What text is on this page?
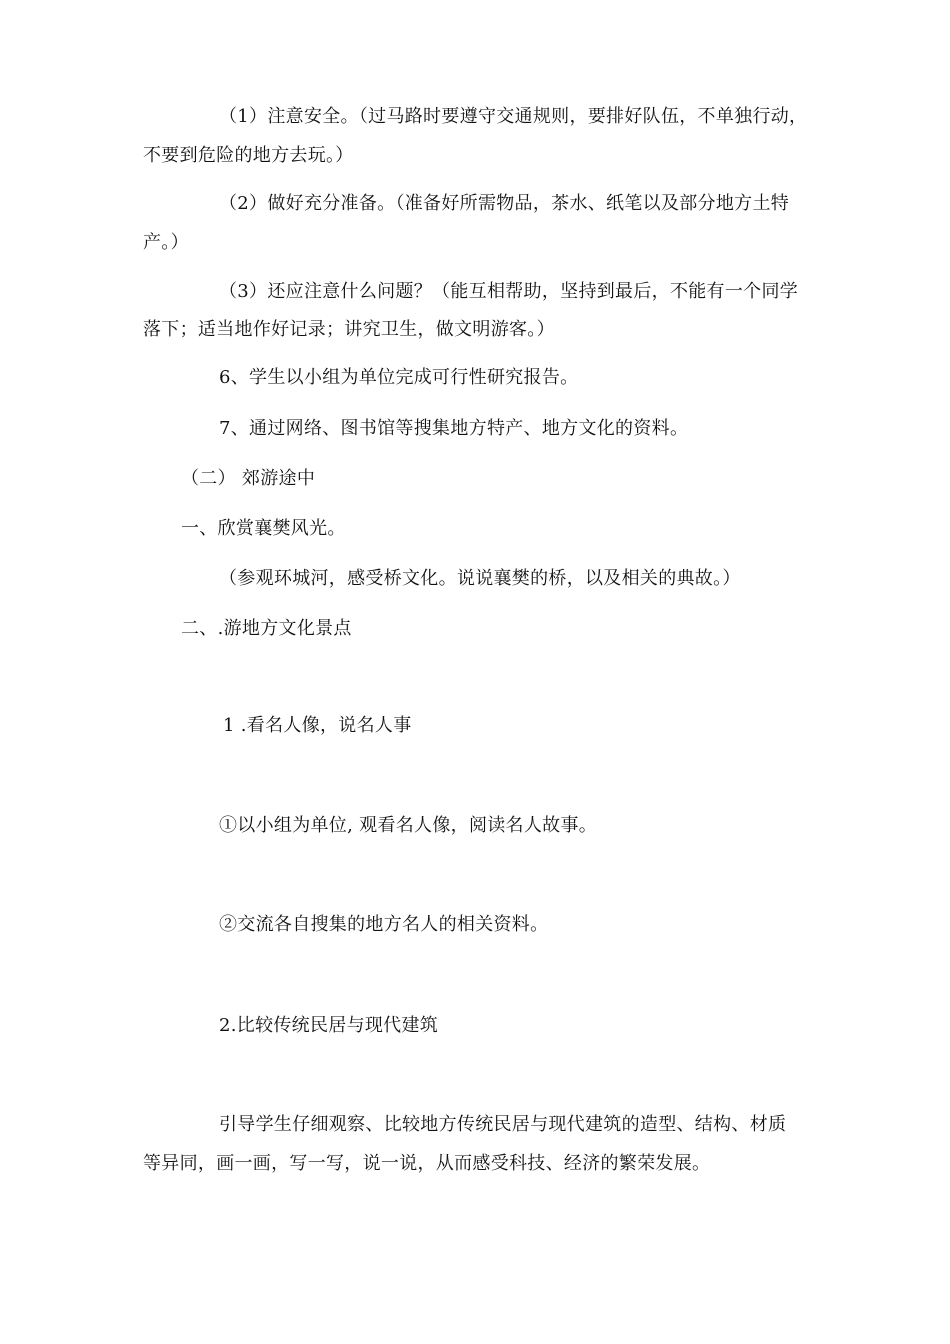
（1）注意安全。（过马路时要遵守交通规则，要排好队伍，不单独行动，
不要到危险的地方去玩。）
（2）做好充分准备。（准备好所需物品，茶水、纸笔以及部分地方土特
产。）
（3）还应注意什么问题？（能互相帮助，坚持到最后，不能有一个同学
落下；适当地作好记录；讲究卫生，做文明游客。）
6、学生以小组为单位完成可行性研究报告。
7、通过网络、图书馆等搜集地方特产、地方文化的资料。
（二） 郊游途中
一、欣赏襄樊风光。
（参观环城河，感受桥文化。说说襄樊的桥，以及相关的典故。）
二、.游地方文化景点
1 .看名人像，说名人事
①以小组为单位, 观看名人像，阅读名人故事。
②交流各自搜集的地方名人的相关资料。
2.比较传统民居与现代建筑
引导学生仔细观察、比较地方传统民居与现代建筑的造型、结构、材质
等异同，画一画，写一写，说一说，从而感受科技、经济的繁荣发展。
